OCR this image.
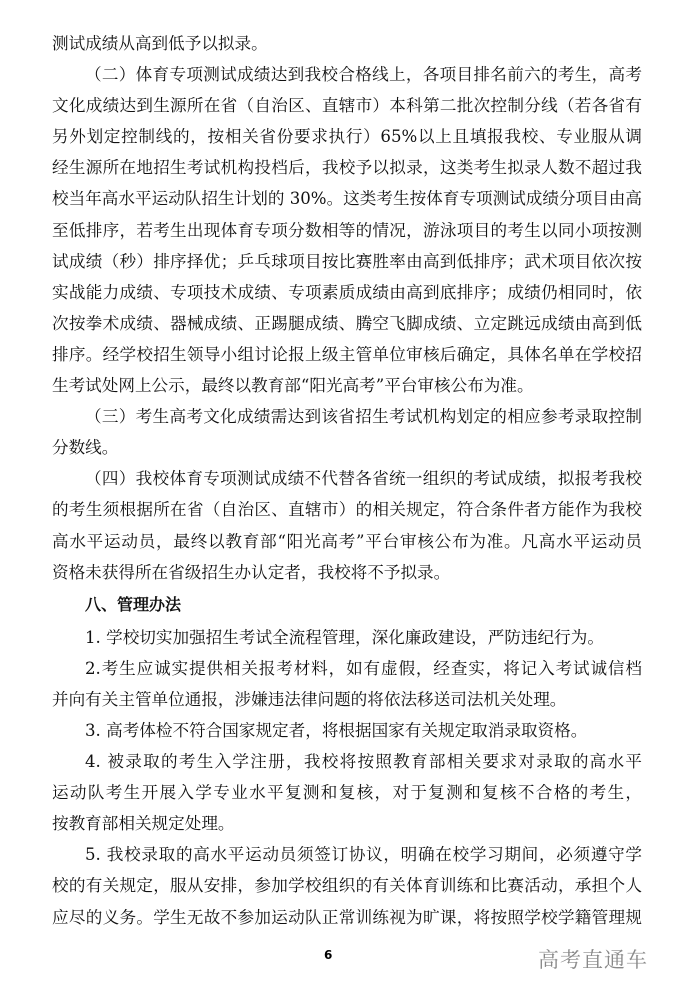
测试成绩从高到低予以拟录。
（二）体育专项测试成绩达到我校合格线上，各项目排名前六的考生，高考
文化成绩达到生源所在省（自治区、直辖市）本科第二批次控制分线（若各省有
另外划定控制线的，按相关省份要求执行）65%以上且填报我校、专业服从调
经生源所在地招生考试机构投档后，我校予以拟录，这类考生拟录人数不超过我
校当年高水平运动队招生计划的 30%。这类考生按体育专项测试成绩分项目由高
至低排序，若考生出现体育专项分数相等的情况，游泳项目的考生以同小项按测
试成绩（秒）排序择优；乒乓球项目按比赛胜率由高到低排序；武术项目依次按
实战能力成绩、专项技术成绩、专项素质成绩由高到底排序；成绩仍相同时，依
次按拳术成绩、器械成绩、正踢腿成绩、腾空飞脚成绩、立定跳远成绩由高到低
排序。经学校招生领导小组讨论报上级主管单位审核后确定，具体名单在学校招
生考试处网上公示，最终以教育部“阳光高考”平台审核公布为准。
（三）考生高考文化成绩需达到该省招生考试机构划定的相应参考录取控制
分数线。
（四）我校体育专项测试成绩不代替各省统一组织的考试成绩，拟报考我校
的考生须根据所在省（自治区、直辖市）的相关规定，符合条件者方能作为我校
高水平运动员，最终以教育部“阳光高考”平台审核公布为准。凡高水平运动员
资格未获得所在省级招生办认定者，我校将不予拟录。
八、管理办法
1. 学校切实加强招生考试全流程管理，深化廉政建设，严防违纪行为。
2.考生应诚实提供相关报考材料，如有虚假，经查实，将记入考试诚信档
并向有关主管单位通报，涉嫌违法律问题的将依法移送司法机关处理。
3. 高考体检不符合国家规定者，将根据国家有关规定取消录取资格。
4. 被录取的考生入学注册，我校将按照教育部相关要求对录取的高水平
运动队考生开展入学专业水平复测和复核，对于复测和复核不合格的考生，
按教育部相关规定处理。
5. 我校录取的高水平运动员须签订协议，明确在校学习期间，必须遵守学
校的有关规定，服从安排，参加学校组织的有关体育训练和比赛活动，承担个人
应尽的义务。学生无故不参加运动队正常训练视为旷课，将按照学校学籍管理规
6	高考直通车
